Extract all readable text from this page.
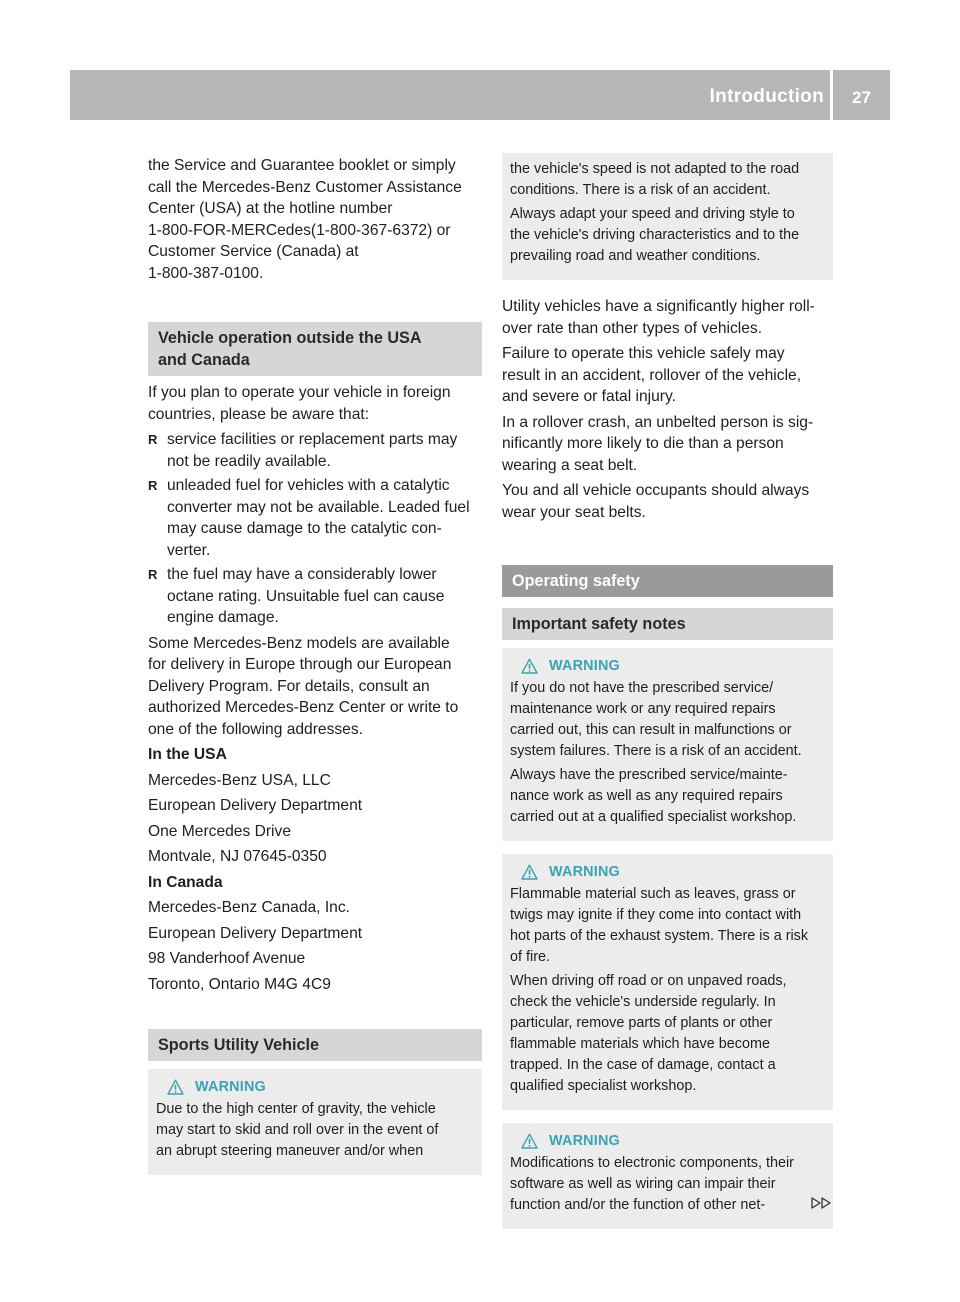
Introduction	27
the Service and Guarantee booklet or simply
call the Mercedes-Benz Customer Assistance
Center (USA) at the hotline number
1-800-FOR-MERCedes(1-800-367-6372) or
Customer Service (Canada) at
1-800-387-0100.
Vehicle operation outside the USA
and Canada
If you plan to operate your vehicle in foreign
countries, please be aware that:
R service facilities or replacement parts may
not be readily available.
R unleaded fuel for vehicles with a catalytic
converter may not be available. Leaded fuel
may cause damage to the catalytic con-
verter.
R the fuel may have a considerably lower
octane rating. Unsuitable fuel can cause
engine damage.
Some Mercedes-Benz models are available
for delivery in Europe through our European
Delivery Program. For details, consult an
authorized Mercedes-Benz Center or write to
one of the following addresses.
In the USA
Mercedes-Benz USA, LLC
European Delivery Department
One Mercedes Drive
Montvale, NJ 07645-0350
In Canada
Mercedes-Benz Canada, Inc.
European Delivery Department
98 Vanderhoof Avenue
Toronto, Ontario M4G 4C9
Sports Utility Vehicle
WARNING
Due to the high center of gravity, the vehicle
may start to skid and roll over in the event of
an abrupt steering maneuver and/or when
the vehicle's speed is not adapted to the road
conditions. There is a risk of an accident.
Always adapt your speed and driving style to
the vehicle's driving characteristics and to the
prevailing road and weather conditions.
Utility vehicles have a significantly higher roll-
over rate than other types of vehicles.
Failure to operate this vehicle safely may
result in an accident, rollover of the vehicle,
and severe or fatal injury.
In a rollover crash, an unbelted person is sig-
nificantly more likely to die than a person
wearing a seat belt.
You and all vehicle occupants should always
wear your seat belts.
Operating safety
Important safety notes
WARNING
If you do not have the prescribed service/
maintenance work or any required repairs
carried out, this can result in malfunctions or
system failures. There is a risk of an accident.
Always have the prescribed service/mainte-
nance work as well as any required repairs
carried out at a qualified specialist workshop.
WARNING
Flammable material such as leaves, grass or
twigs may ignite if they come into contact with
hot parts of the exhaust system. There is a risk
of fire.
When driving off road or on unpaved roads,
check the vehicle's underside regularly. In
particular, remove parts of plants or other
flammable materials which have become
trapped. In the case of damage, contact a
qualified specialist workshop.
WARNING
Modifications to electronic components, their
software as well as wiring can impair their
function and/or the function of other net-
